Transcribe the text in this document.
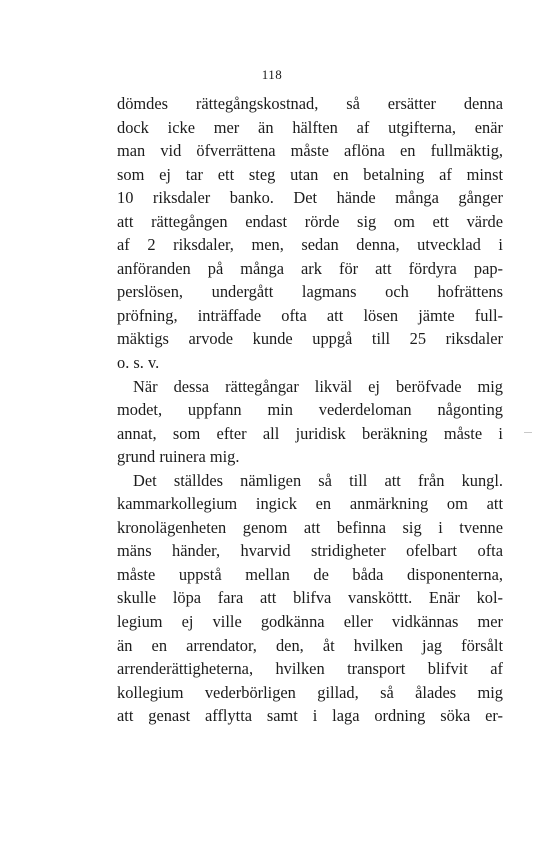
118
dömdes rättegångskostnad, så ersätter denna
dock icke mer än hälften af utgifterna, enär
man vid öfverrättena måste aflöna en fullmäktig,
som ej tar ett steg utan en betalning af minst
10 riksdaler banko. Det hände många gånger
att rättegången endast rörde sig om ett värde
af 2 riksdaler, men, sedan denna, utvecklad i
anföranden på många ark för att fördyra pap-
perslösen, undergått lagmans och hofrättens
pröfning, inträffade ofta att lösen jämte full-
mäktigs arvode kunde uppgå till 25 riksdaler
o. s. v.
När dessa rättegångar likväl ej beröfvade mig
modet, uppfann min vederdeloman någonting
annat, som efter all juridisk beräkning måste i
grund ruinera mig.
Det ställdes nämligen så till att från kungl.
kammarkollegium ingick en anmärkning om att
kronolägenheten genom att befinna sig i tvenne
mäns händer, hvarvid stridigheter ofelbart ofta
måste uppstå mellan de båda disponenterna,
skulle löpa fara att blifva vansköttt. Enär kol-
legium ej ville godkänna eller vidkännas mer
än en arrendator, den, åt hvilken jag försålt
arrenderättigheterna, hvilken transport blifvit af
kollegium vederbörligen gillad, så ålades mig
att genast afflytta samt i laga ordning söka er-
